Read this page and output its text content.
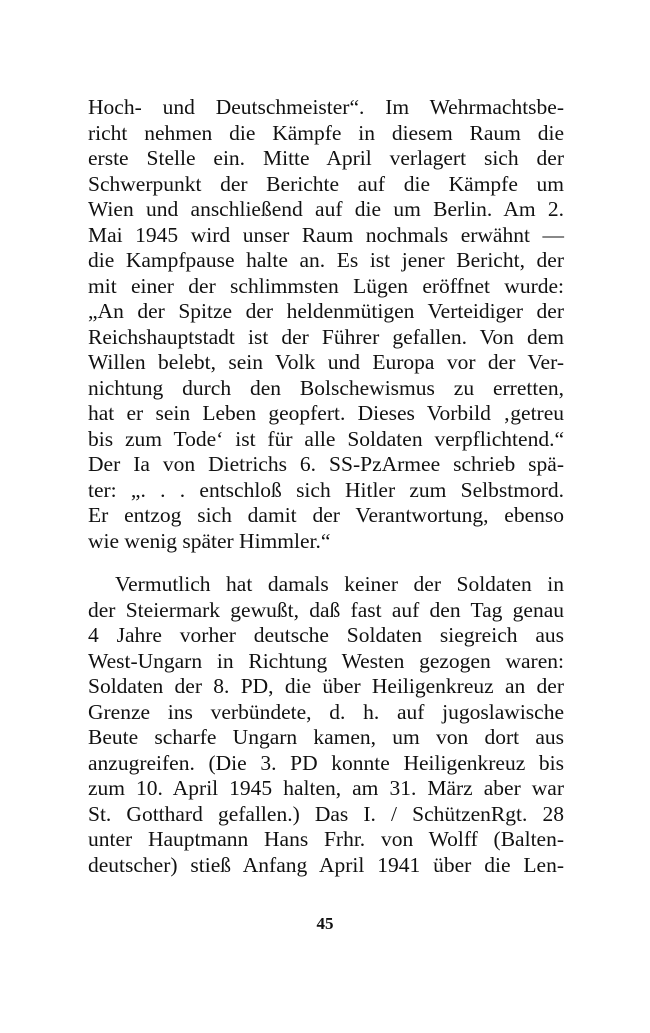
Hoch- und Deutschmeister“. Im Wehrmachtsbe-
richt nehmen die Kämpfe in diesem Raum die
erste Stelle ein. Mitte April verlagert sich der
Schwerpunkt der Berichte auf die Kämpfe um
Wien und anschließend auf die um Berlin. Am 2.
Mai 1945 wird unser Raum nochmals erwähnt —
die Kampfpause halte an. Es ist jener Bericht, der
mit einer der schlimmsten Lügen eröffnet wurde:
„An der Spitze der heldenmütigen Verteidiger der
Reichshauptstadt ist der Führer gefallen. Von dem
Willen belebt, sein Volk und Europa vor der Ver-
nichtung durch den Bolschewismus zu erretten,
hat er sein Leben geopfert. Dieses Vorbild ‚getreu
bis zum Tode‘ ist für alle Soldaten verpflichtend.“
Der Ia von Dietrichs 6. SS-PzArmee schrieb spä-
ter: „. . . entschloß sich Hitler zum Selbstmord.
Er entzog sich damit der Verantwortung, ebenso
wie wenig später Himmler.“
Vermutlich hat damals keiner der Soldaten in
der Steiermark gewußt, daß fast auf den Tag genau
4 Jahre vorher deutsche Soldaten siegreich aus
West-Ungarn in Richtung Westen gezogen waren:
Soldaten der 8. PD, die über Heiligenkreuz an der
Grenze ins verbündete, d. h. auf jugoslawische
Beute scharfe Ungarn kamen, um von dort aus
anzugreifen. (Die 3. PD konnte Heiligenkreuz bis
zum 10. April 1945 halten, am 31. März aber war
St. Gotthard gefallen.) Das I. / SchützenRgt. 28
unter Hauptmann Hans Frhr. von Wolff (Balten-
deutscher) stieß Anfang April 1941 über die Len-
45
